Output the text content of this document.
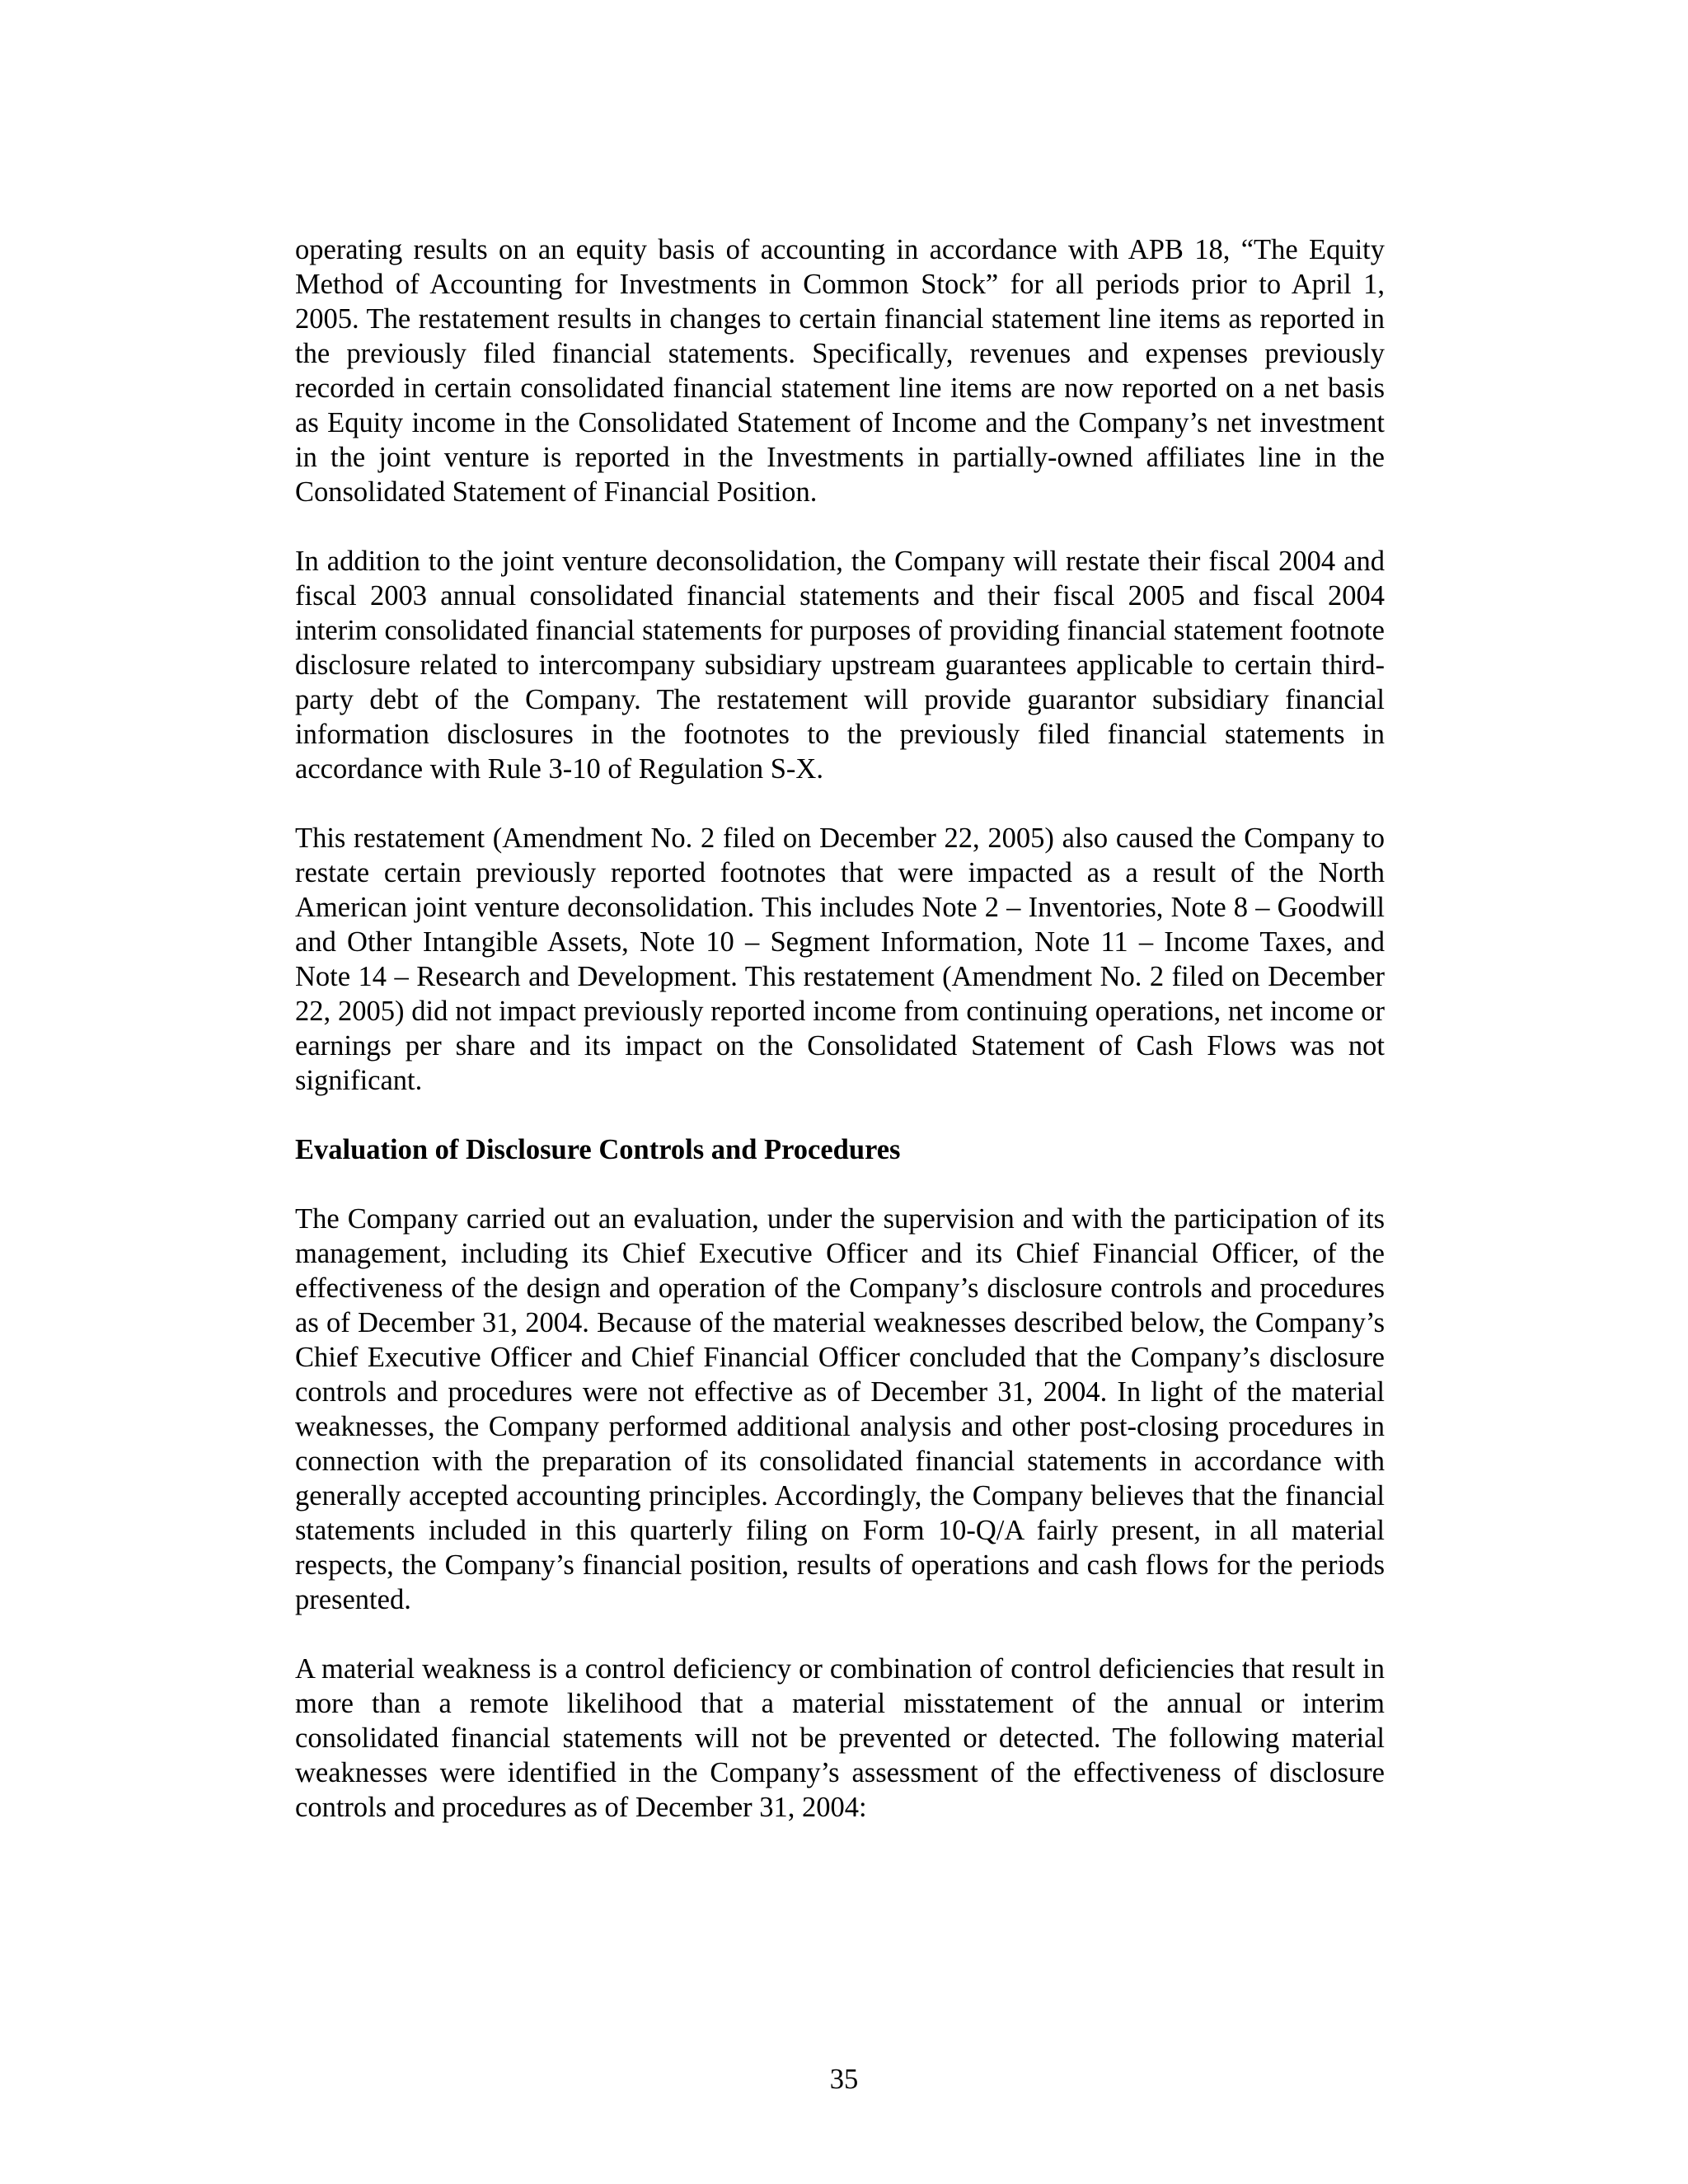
operating results on an equity basis of accounting in accordance with APB 18, “The Equity Method of Accounting for Investments in Common Stock” for all periods prior to April 1, 2005. The restatement results in changes to certain financial statement line items as reported in the previously filed financial statements. Specifically, revenues and expenses previously recorded in certain consolidated financial statement line items are now reported on a net basis as Equity income in the Consolidated Statement of Income and the Company’s net investment in the joint venture is reported in the Investments in partially-owned affiliates line in the Consolidated Statement of Financial Position.

In addition to the joint venture deconsolidation, the Company will restate their fiscal 2004 and fiscal 2003 annual consolidated financial statements and their fiscal 2005 and fiscal 2004 interim consolidated financial statements for purposes of providing financial statement footnote disclosure related to intercompany subsidiary upstream guarantees applicable to certain third-party debt of the Company. The restatement will provide guarantor subsidiary financial information disclosures in the footnotes to the previously filed financial statements in accordance with Rule 3-10 of Regulation S-X.

This restatement (Amendment No. 2 filed on December 22, 2005) also caused the Company to restate certain previously reported footnotes that were impacted as a result of the North American joint venture deconsolidation. This includes Note 2 – Inventories, Note 8 – Goodwill and Other Intangible Assets, Note 10 – Segment Information, Note 11 – Income Taxes, and Note 14 – Research and Development. This restatement (Amendment No. 2 filed on December 22, 2005) did not impact previously reported income from continuing operations, net income or earnings per share and its impact on the Consolidated Statement of Cash Flows was not significant.

Evaluation of Disclosure Controls and Procedures

The Company carried out an evaluation, under the supervision and with the participation of its management, including its Chief Executive Officer and its Chief Financial Officer, of the effectiveness of the design and operation of the Company’s disclosure controls and procedures as of December 31, 2004. Because of the material weaknesses described below, the Company’s Chief Executive Officer and Chief Financial Officer concluded that the Company’s disclosure controls and procedures were not effective as of December 31, 2004. In light of the material weaknesses, the Company performed additional analysis and other post-closing procedures in connection with the preparation of its consolidated financial statements in accordance with generally accepted accounting principles. Accordingly, the Company believes that the financial statements included in this quarterly filing on Form 10-Q/A fairly present, in all material respects, the Company’s financial position, results of operations and cash flows for the periods presented.

A material weakness is a control deficiency or combination of control deficiencies that result in more than a remote likelihood that a material misstatement of the annual or interim consolidated financial statements will not be prevented or detected. The following material weaknesses were identified in the Company’s assessment of the effectiveness of disclosure controls and procedures as of December 31, 2004:

35
